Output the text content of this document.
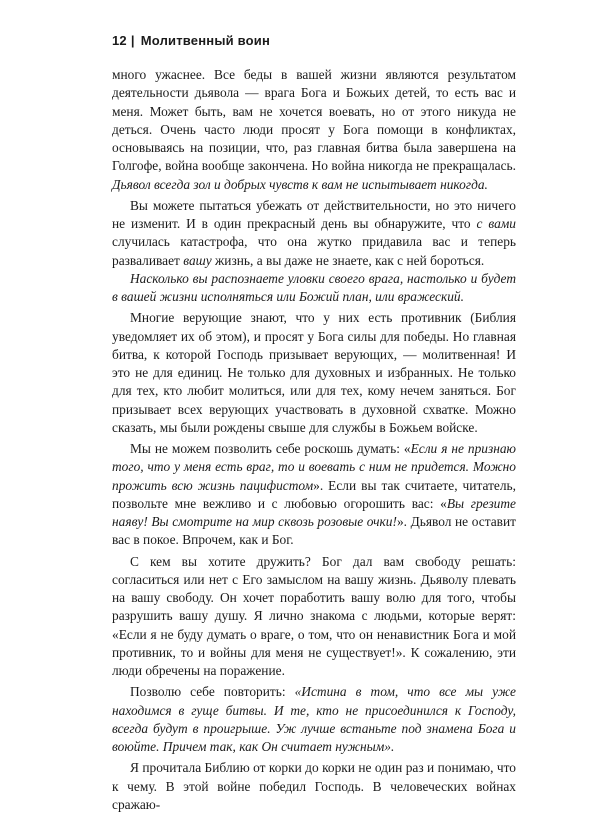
12 | Молитвенный воин

много ужаснее. Все беды в вашей жизни являются результатом деятельности дьявола — врага Бога и Божьих детей, то есть вас и меня. Может быть, вам не хочется воевать, но от этого никуда не деться. Очень часто люди просят у Бога помощи в конфликтах, основываясь на позиции, что, раз главная битва была завершена на Голгофе, война вообще закончена. Но война никогда не прекращалась. Дьявол всегда зол и добрых чувств к вам не испытывает никогда.

Вы можете пытаться убежать от действительности, но это ничего не изменит. И в один прекрасный день вы обнаружите, что с вами случилась катастрофа, что она жутко придавила вас и теперь разваливает вашу жизнь, а вы даже не знаете, как с ней бороться.

Насколько вы распознаете уловки своего врага, настолько и будет в вашей жизни исполняться или Божий план, или вражеский.

Многие верующие знают, что у них есть противник (Библия уведомляет их об этом), и просят у Бога силы для победы. Но главная битва, к которой Господь призывает верующих, — молитвенная! И это не для единиц. Не только для духовных и избранных. Не только для тех, кто любит молиться, или для тех, кому нечем заняться. Бог призывает всех верующих участвовать в духовной схватке. Можно сказать, мы были рождены свыше для службы в Божьем войске.

Мы не можем позволить себе роскошь думать: «Если я не признаю того, что у меня есть враг, то и воевать с ним не придется. Можно прожить всю жизнь пацифистом». Если вы так считаете, читатель, позвольте мне вежливо и с любовью огорошить вас: «Вы грезите наяву! Вы смотрите на мир сквозь розовые очки!». Дьявол не оставит вас в покое. Впрочем, как и Бог.

С кем вы хотите дружить? Бог дал вам свободу решать: согласиться или нет с Его замыслом на вашу жизнь. Дьяволу плевать на вашу свободу. Он хочет поработить вашу волю для того, чтобы разрушить вашу душу. Я лично знакома с людьми, которые верят: «Если я не буду думать о враге, о том, что он ненавистник Бога и мой противник, то и войны для меня не существует!». К сожалению, эти люди обречены на поражение.

Позволю себе повторить: «Истина в том, что все мы уже находимся в гуще битвы. И те, кто не присоединился к Господу, всегда будут в проигрыше. Уж лучше встаньте под знамена Бога и воюйте. Причем так, как Он считает нужным».

Я прочитала Библию от корки до корки не один раз и понимаю, что к чему. В этой войне победил Господь. В человеческих войнах сражаю-
